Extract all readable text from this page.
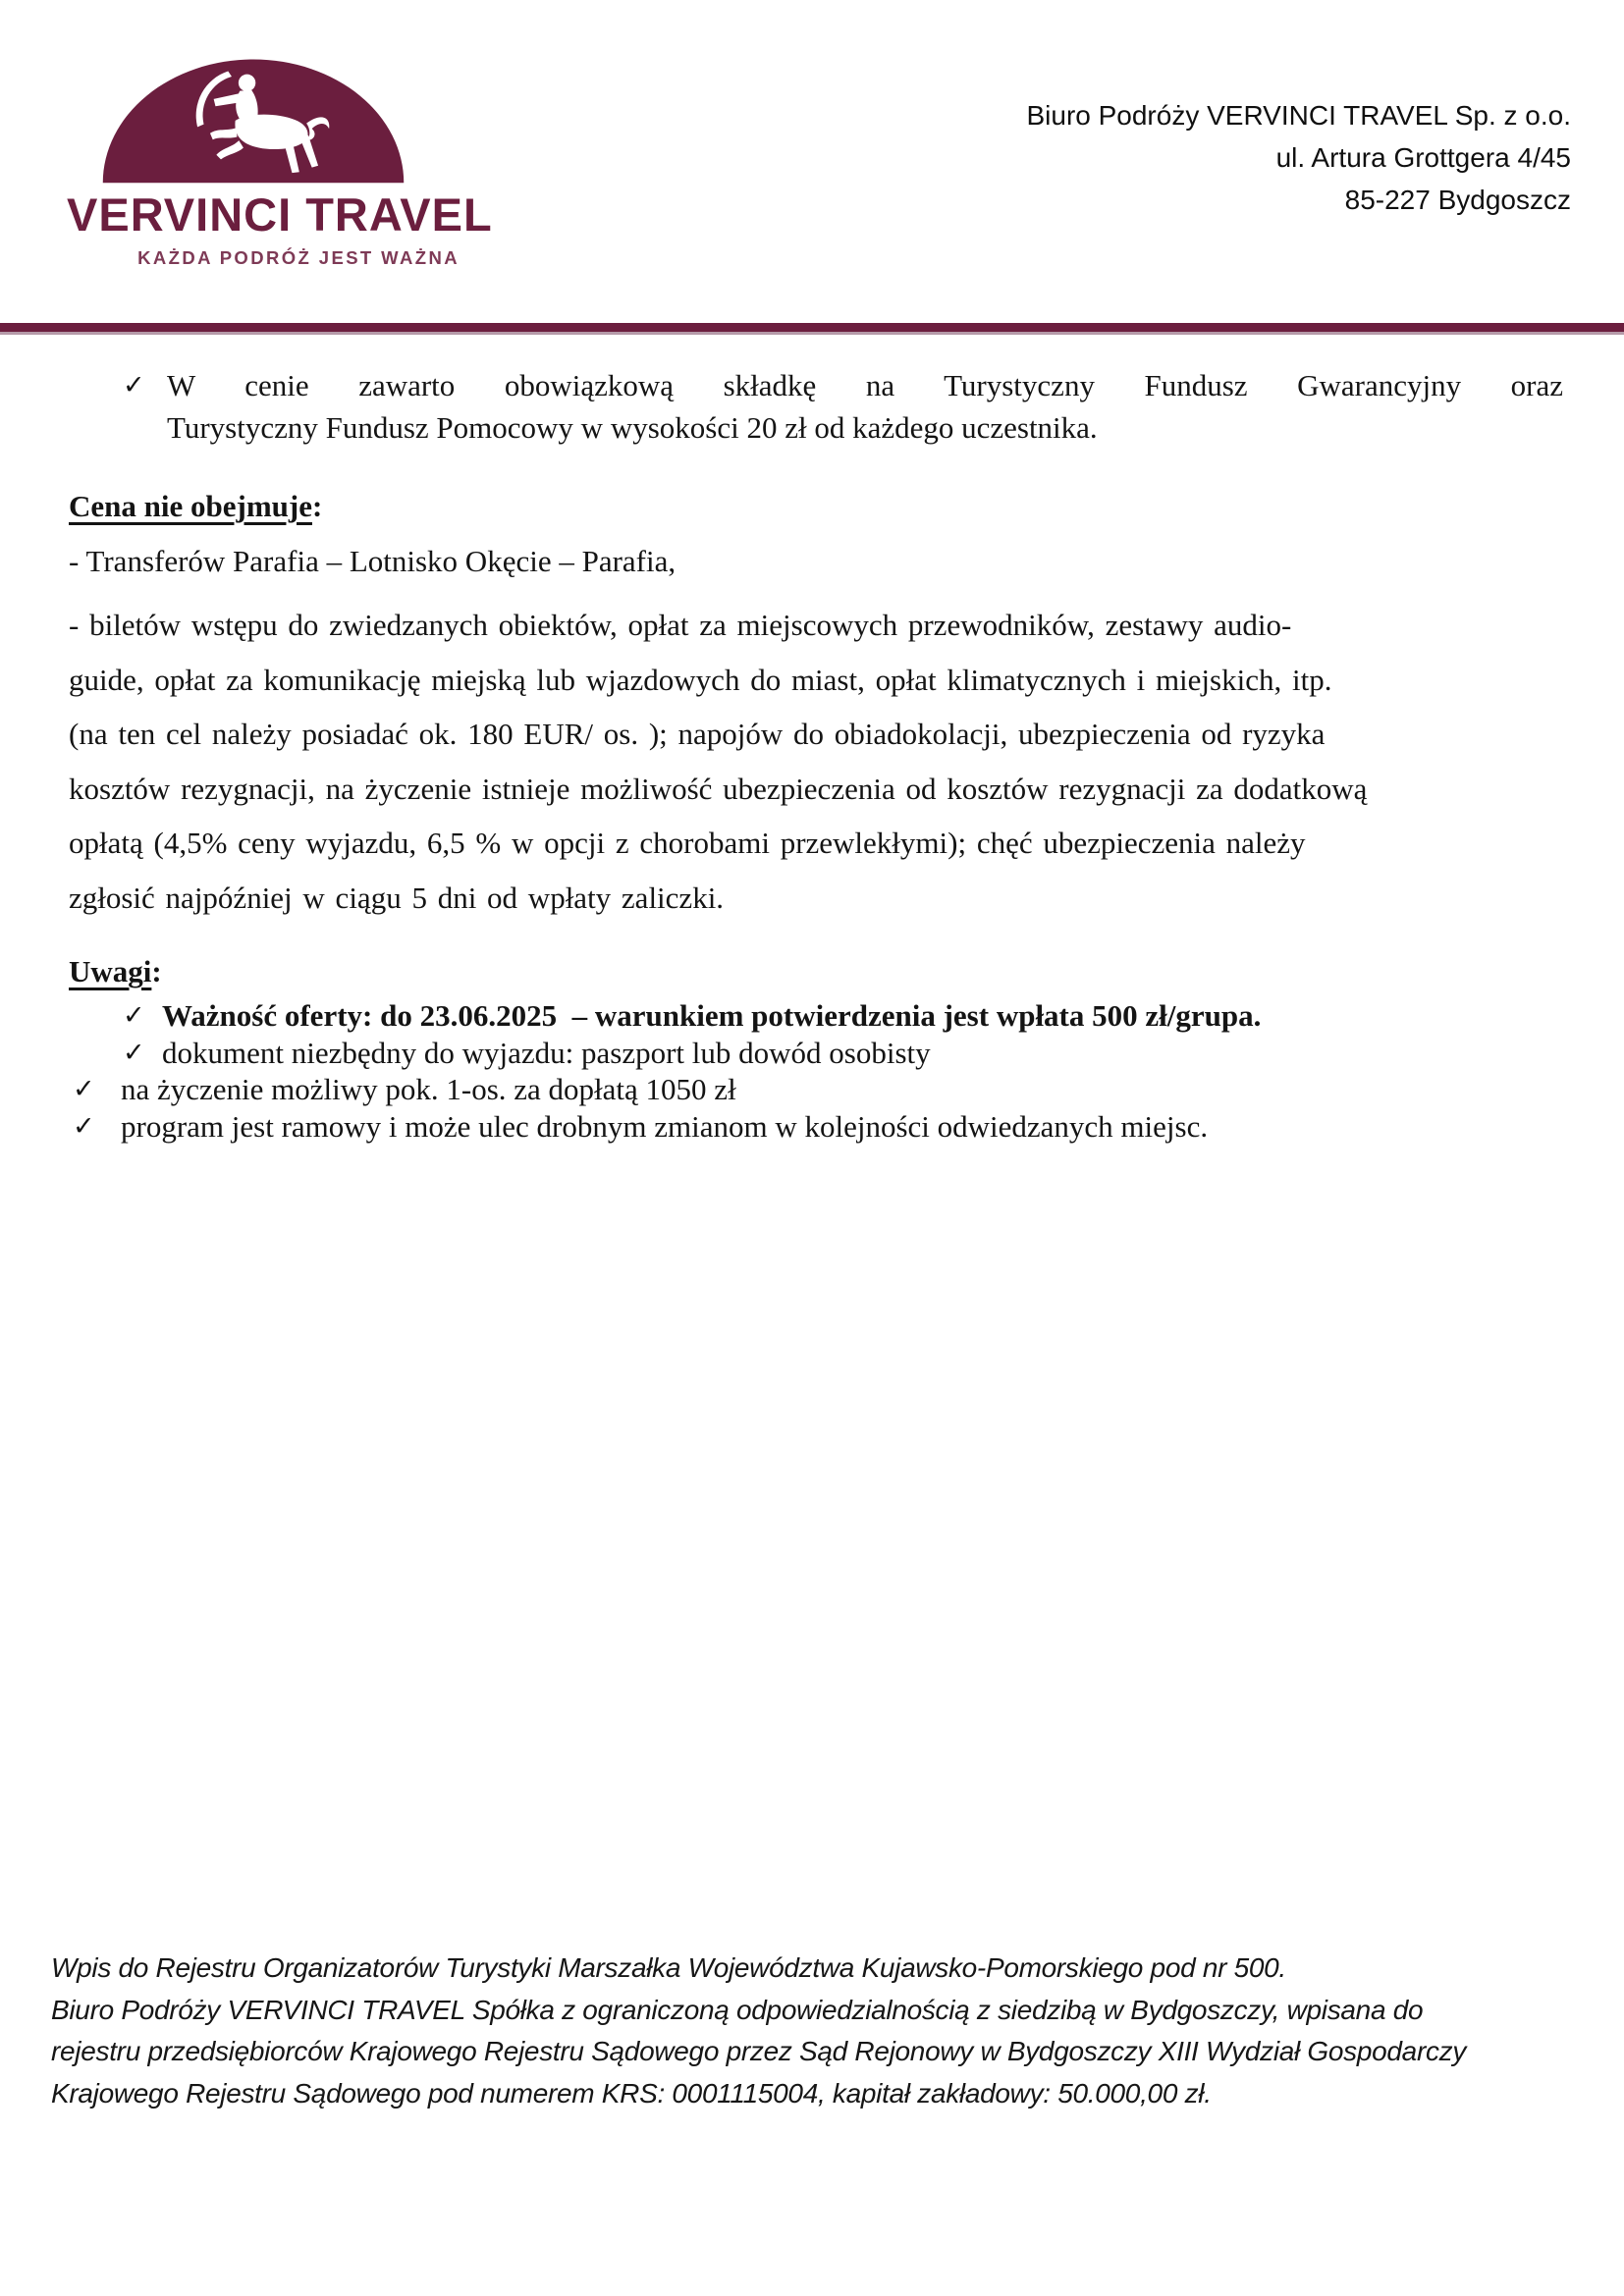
VERVINCI TRAVEL
KAŻDA PODRÓŻ JEST WAŻNA
Biuro Podróży VERVINCI TRAVEL Sp. z o.o.
ul. Artura Grottgera 4/45
85-227 Bydgoszcz
✓ W cenie zawarto obowiązkową składkę na Turystyczny Fundusz Gwarancyjny oraz
Turystyczny Fundusz Pomocowy w wysokości 20 zł od każdego uczestnika.
Cena nie obejmuje:
- Transferów Parafia – Lotnisko Okęcie – Parafia,
- biletów wstępu do zwiedzanych obiektów, opłat za miejscowych przewodników, zestawy audio-
guide, opłat za komunikację miejską lub wjazdowych do miast, opłat klimatycznych i miejskich, itp.
(na ten cel należy posiadać ok. 180 EUR/ os. ); napojów do obiadokolacji, ubezpieczenia od ryzyka
kosztów rezygnacji, na życzenie istnieje możliwość ubezpieczenia od kosztów rezygnacji za dodatkową
opłatą (4,5% ceny wyjazdu, 6,5 % w opcji z chorobami przewlekłymi); chęć ubezpieczenia należy
zgłosić najpóźniej w ciągu 5 dni od wpłaty zaliczki.
Uwagi:
✓ Ważność oferty: do 23.06.2025  – warunkiem potwierdzenia jest wpłata 500 zł/grupa.
✓ dokument niezbędny do wyjazdu: paszport lub dowód osobisty
✓ na życzenie możliwy pok. 1-os. za dopłatą 1050 zł
✓ program jest ramowy i może ulec drobnym zmianom w kolejności odwiedzanych miejsc.
Wpis do Rejestru Organizatorów Turystyki Marszałka Województwa Kujawsko-Pomorskiego pod nr 500.
Biuro Podróży VERVINCI TRAVEL Spółka z ograniczoną odpowiedzialnością z siedzibą w Bydgoszczy, wpisana do
rejestru przedsiębiorców Krajowego Rejestru Sądowego przez Sąd Rejonowy w Bydgoszczy XIII Wydział Gospodarczy
Krajowego Rejestru Sądowego pod numerem KRS: 0001115004, kapitał zakładowy: 50.000,00 zł.
